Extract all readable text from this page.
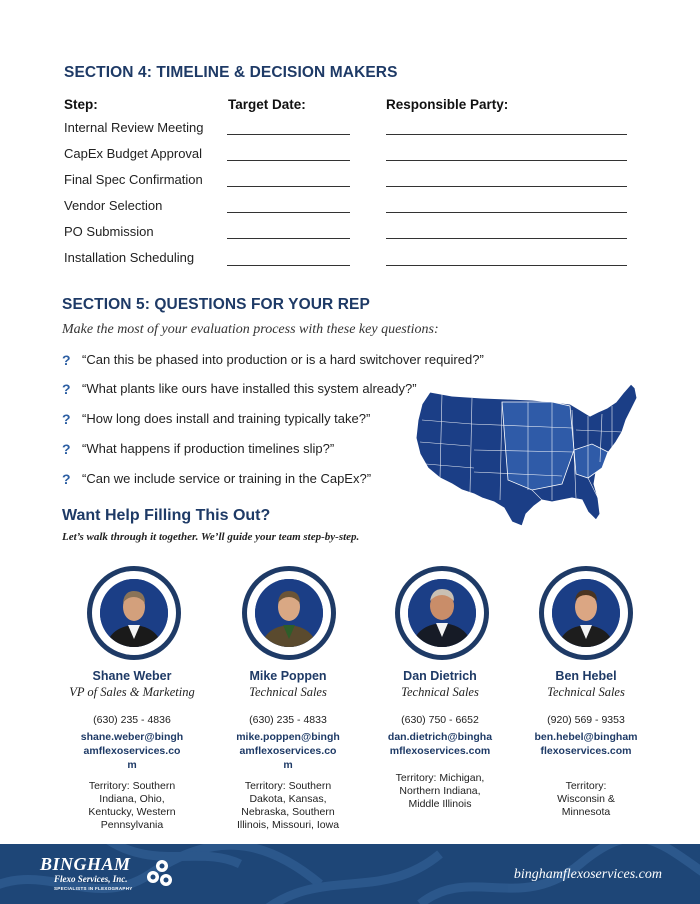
SECTION 4: TIMELINE & DECISION MAKERS
Step:	Target Date:	Responsible Party:
Internal Review Meeting
CapEx Budget Approval
Final Spec Confirmation
Vendor Selection
PO Submission
Installation Scheduling
SECTION 5: QUESTIONS FOR YOUR REP
Make the most of your evaluation process with these key questions:
? “Can this be phased into production or is a hard switchover required?”
? “What plants like ours have installed this system already?”
? “How long does install and training typically take?”
? “What happens if production timelines slip?”
? “Can we include service or training in the CapEx?”
Want Help Filling This Out?
Let’s walk through it together. We’ll guide your team step-by-step.
Shane Weber
VP of Sales & Marketing
(630) 235 - 4836
shane.weber@binghamflexoservices.com
Territory: Southern Indiana, Ohio, Kentucky, Western Pennsylvania
Mike Poppen
Technical Sales
(630) 235 - 4833
mike.poppen@binghamflexoservices.com
Territory: Southern Dakota, Kansas, Nebraska, Southern Illinois, Missouri, Iowa
Dan Dietrich
Technical Sales
(630) 750 - 6652
dan.dietrich@binghamflexoservices.com
Territory: Michigan, Northern Indiana, Middle Illinois
Ben Hebel
Technical Sales
(920) 569 - 9353
ben.hebel@binghamflexoservices.com
Territory: Wisconsin & Minnesota
BINGHAM
Flexo Services, Inc.
SPECIALISTS IN FLEXOGRAPHY
binghamflexoservices.com
